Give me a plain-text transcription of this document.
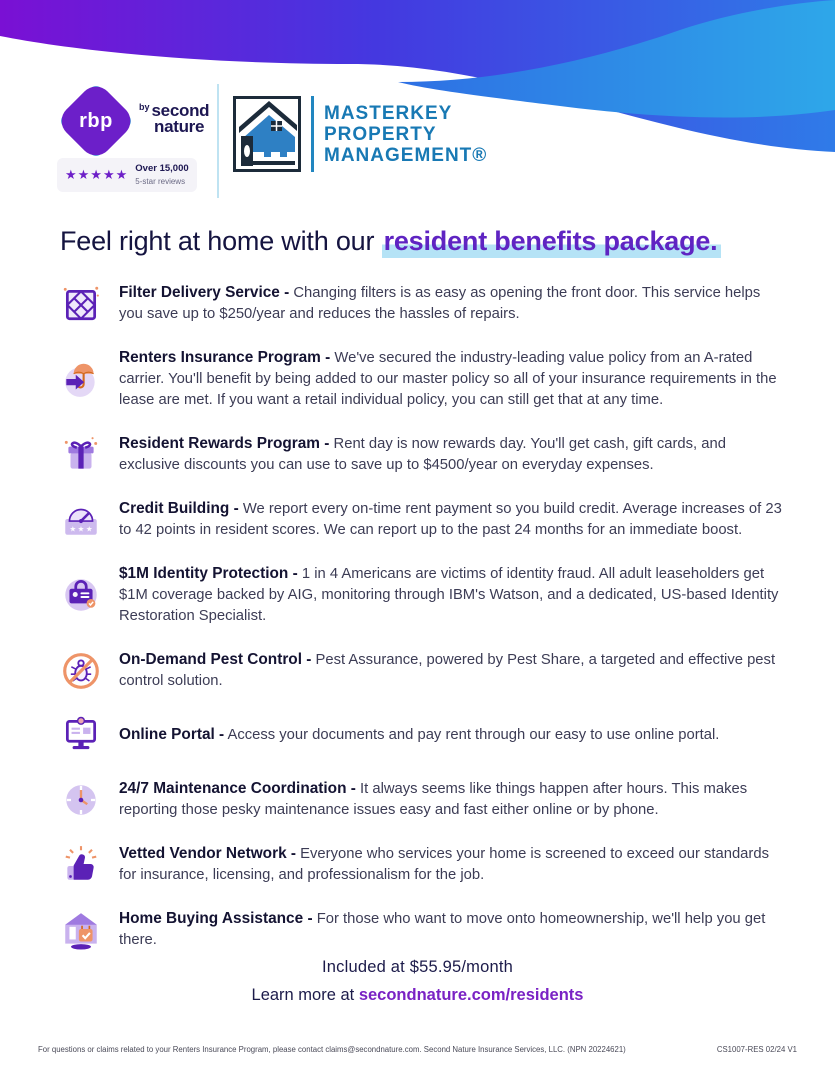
rbp
$^{by}$ second
nature
★★★★★ Over 15,000
5-star reviews
MASTERKEY
PROPERTY
MANAGEMENT®
Feel right at home with our resident benefits package.

Filter Delivery Service - Changing filters is as easy as opening the front door. This service helps you save up to $250/year and reduces the hassles of repairs.

Renters Insurance Program - We've secured the industry-leading value policy from an A-rated carrier. You'll benefit by being added to our master policy so all of your insurance requirements in the lease are met. If you want a retail individual policy, you can still get that at any time.

Resident Rewards Program - Rent day is now rewards day. You'll get cash, gift cards, and exclusive discounts you can use to save up to $4500/year on everyday expenses.

★ ★ ★

Credit Building - We report every on-time rent payment so you build credit. Average increases of 23 to 42 points in resident scores. We can report up to the past 24 months for an immediate boost.

$1M Identity Protection - 1 in 4 Americans are victims of identity fraud. All adult leaseholders get $1M coverage backed by AIG, monitoring through IBM's Watson, and a dedicated, US-based Identity Restoration Specialist.

On-Demand Pest Control - Pest Assurance, powered by Pest Share, a targeted and effective pest control solution.

Online Portal - Access your documents and pay rent through our easy to use online portal.

24/7 Maintenance Coordination - It always seems like things happen after hours. This makes reporting those pesky maintenance issues easy and fast either online or by phone.

Vetted Vendor Network - Everyone who services your home is screened to exceed our standards for insurance, licensing, and professionalism for the job.

Home Buying Assistance - For those who want to move onto homeownership, we'll help you get there.

Included at $55.95/month
Learn more at secondnature.com/residents
For questions or claims related to your Renters Insurance Program, please contact claims@secondnature.com. Second Nature Insurance Services, LLC. (NPN 20224621)	CS1007-RES 02/24 V1
